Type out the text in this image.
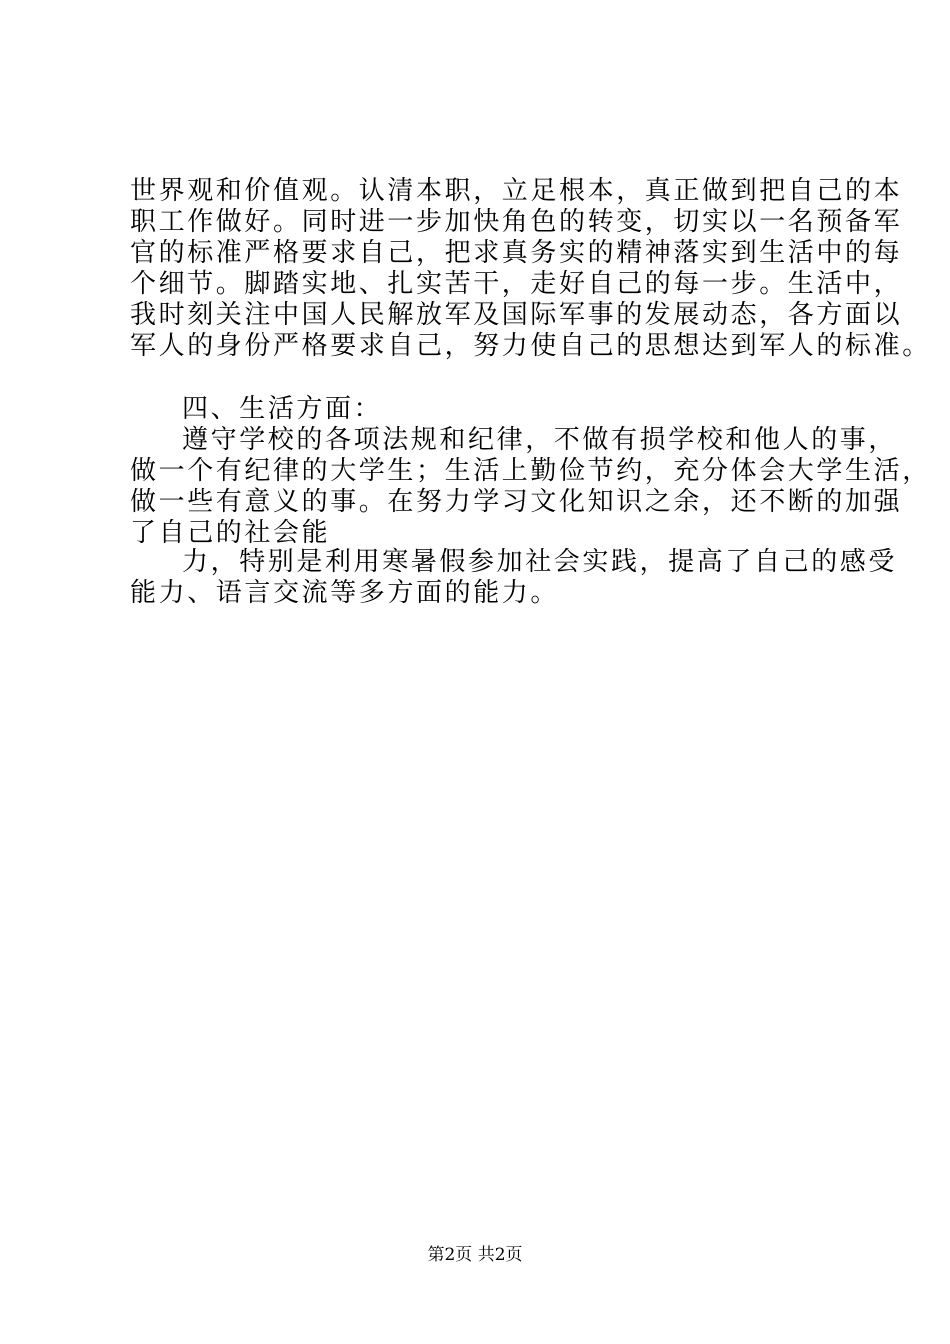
世界观和价值观。认清本职，立足根本，真正做到把自己的本
职工作做好。同时进一步加快角色的转变，切实以一名预备军
官的标准严格要求自己，把求真务实的精神落实到生活中的每
个细节。脚踏实地、扎实苦干，走好自己的每一步。生活中，
我时刻关注中国人民解放军及国际军事的发展动态，各方面以
军人的身份严格要求自己，努力使自己的思想达到军人的标准。
四、生活方面：
遵守学校的各项法规和纪律，不做有损学校和他人的事，
做一个有纪律的大学生；生活上勤俭节约，充分体会大学生活，
做一些有意义的事。在努力学习文化知识之余，还不断的加强
了自己的社会能
力，特别是利用寒暑假参加社会实践，提高了自己的感受
能力、语言交流等多方面的能力。
第2页 共2页
